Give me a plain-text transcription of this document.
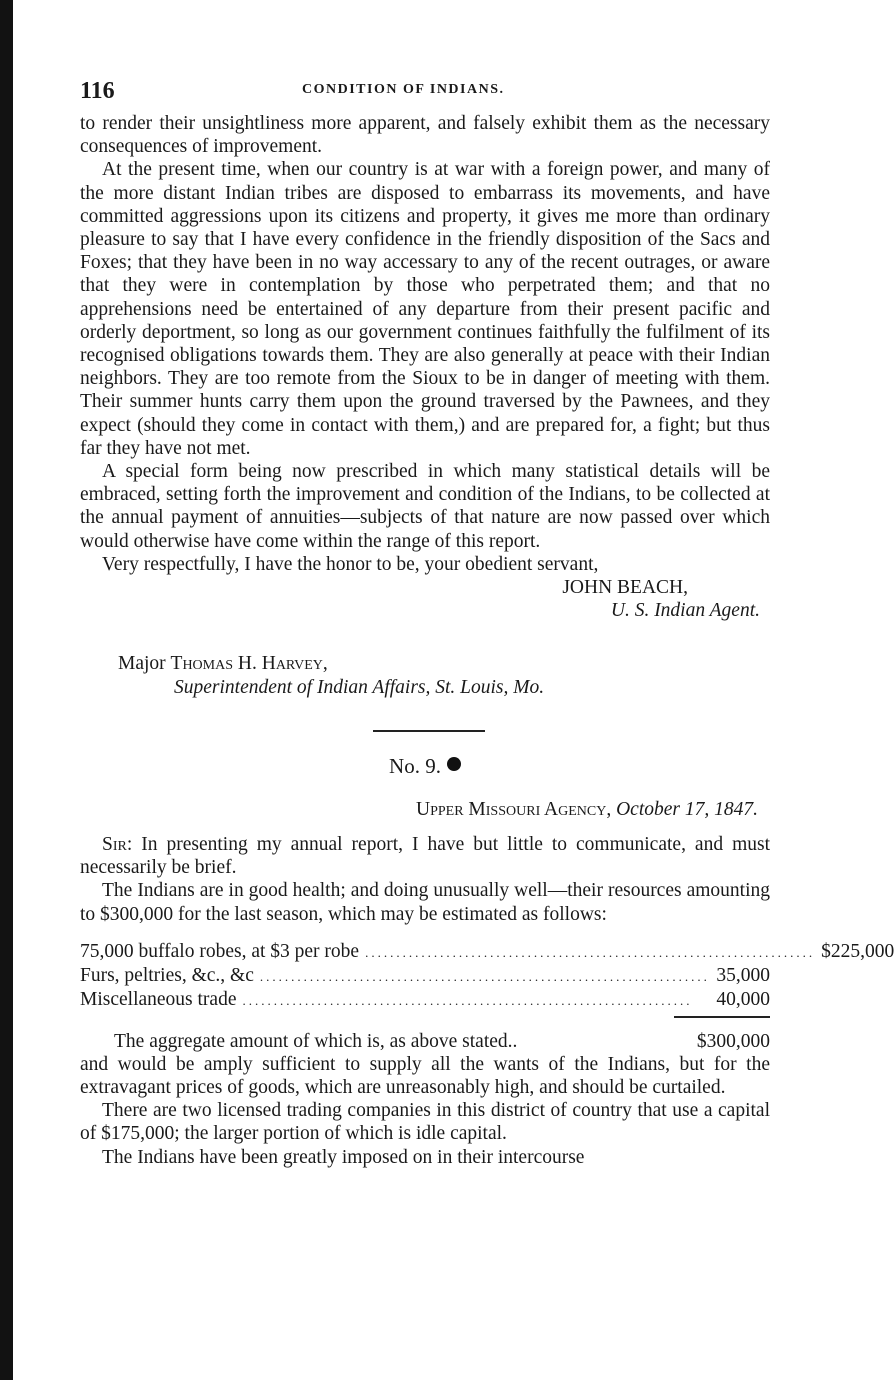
116	CONDITION OF INDIANS.

to render their unsightliness more apparent, and falsely exhibit them as the necessary consequences of improvement.

At the present time, when our country is at war with a foreign power, and many of the more distant Indian tribes are disposed to embarrass its movements, and have committed aggressions upon its citizens and property, it gives me more than ordinary pleasure to say that I have every confidence in the friendly disposition of the Sacs and Foxes; that they have been in no way accessary to any of the recent outrages, or aware that they were in contemplation by those who perpetrated them; and that no apprehensions need be entertained of any departure from their present pacific and orderly deportment, so long as our government continues faithfully the fulfilment of its recognised obligations towards them. They are also generally at peace with their Indian neighbors. They are too remote from the Sioux to be in danger of meeting with them. Their summer hunts carry them upon the ground traversed by the Pawnees, and they expect (should they come in contact with them,) and are prepared for, a fight; but thus far they have not met.

A special form being now prescribed in which many statistical details will be embraced, setting forth the improvement and condition of the Indians, to be collected at the annual payment of annuities—subjects of that nature are now passed over which would otherwise have come within the range of this report.

Very respectfully, I have the honor to be, your obedient servant,

JOHN BEACH,
U. S. Indian Agent.
Major Thomas H. Harvey,
Superintendent of Indian Affairs, St. Louis, Mo.
No. 9.
Upper Missouri Agency, October 17, 1847.

Sir: In presenting my annual report, I have but little to communicate, and must necessarily be brief.

The Indians are in good health; and doing unusually well—their resources amounting to $300,000 for the last season, which may be estimated as follows:

75,000 buffalo robes, at $3 per robe ........................................................................ $225,000
Furs, peltries, &c., &c ........................................................................ 35,000
Miscellaneous trade ........................................................................	40,000
The aggregate amount of which is, as above stated..	$300,000

and would be amply sufficient to supply all the wants of the Indians, but for the extravagant prices of goods, which are unreasonably high, and should be curtailed.

There are two licensed trading companies in this district of country that use a capital of $175,000; the larger portion of which is idle capital.

The Indians have been greatly imposed on in their intercourse
